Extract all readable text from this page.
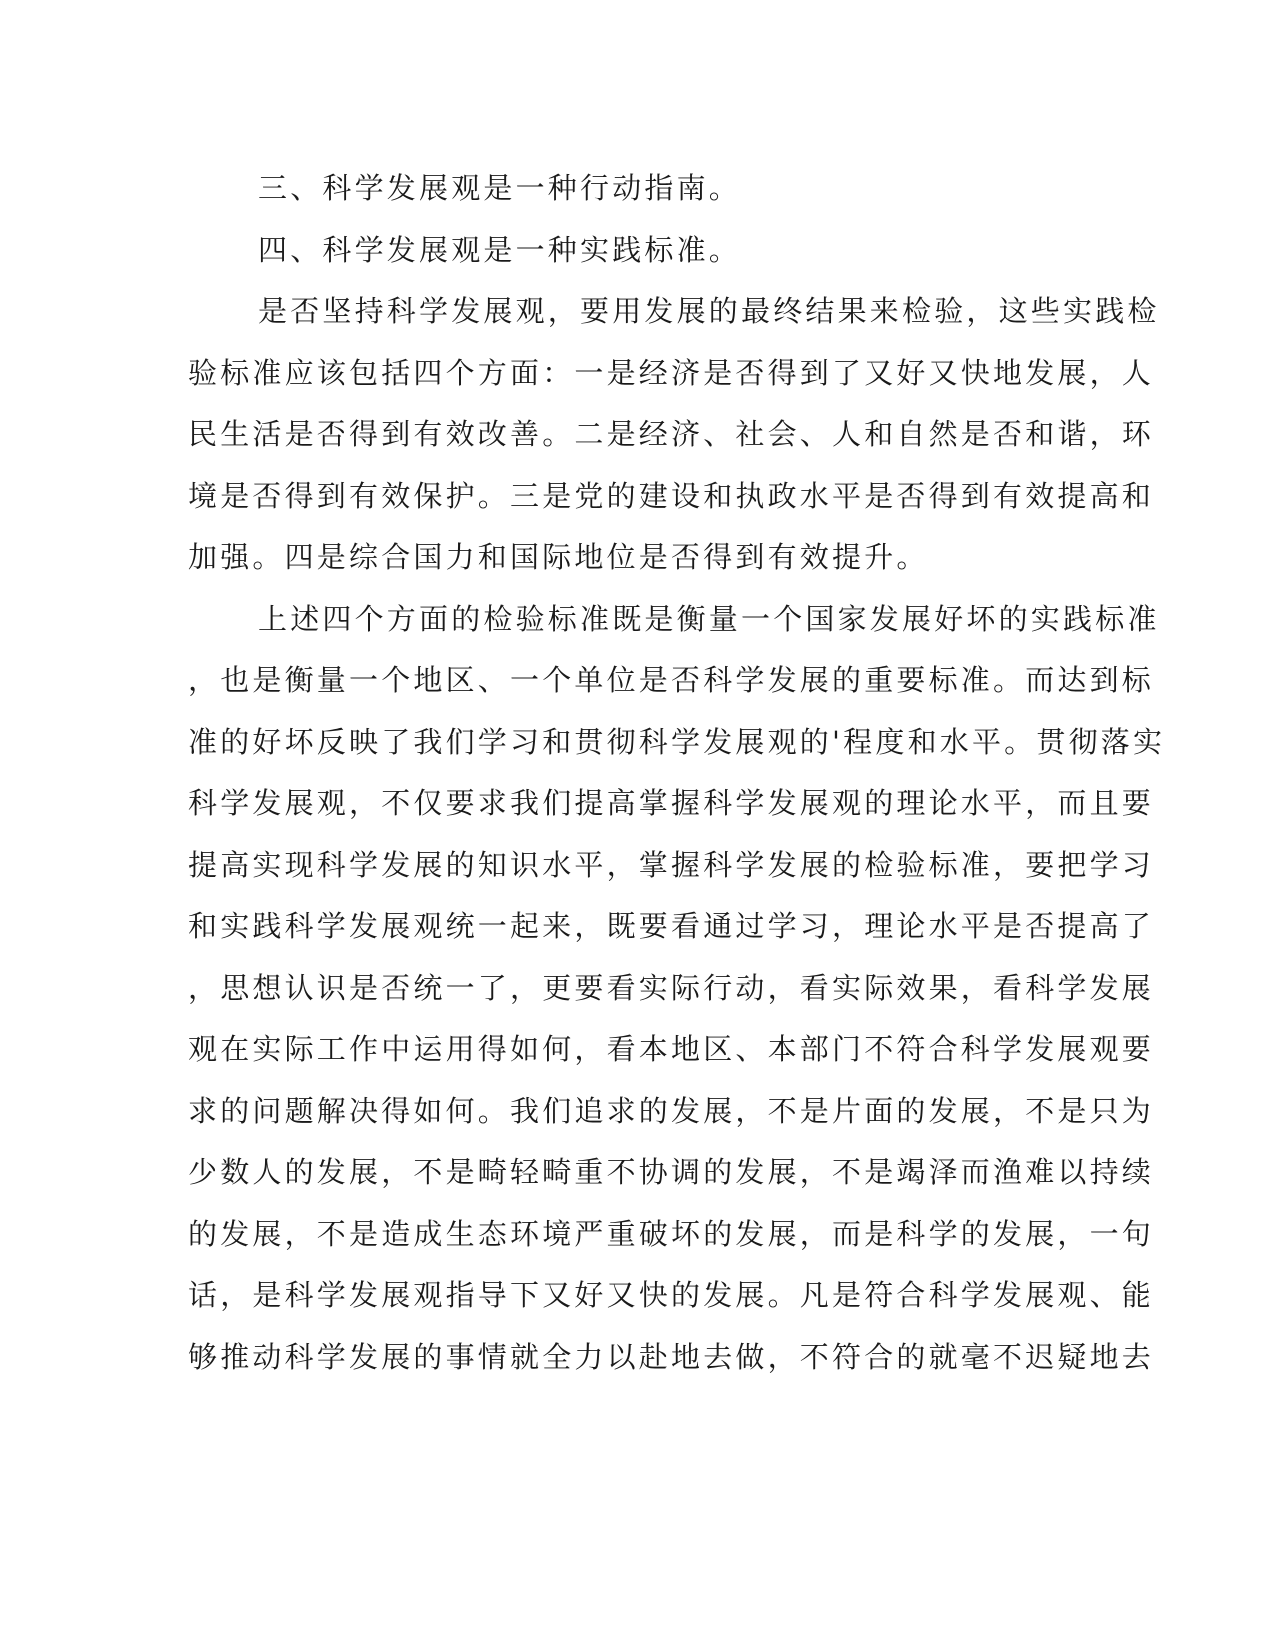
三、科学发展观是一种行动指南。
四、科学发展观是一种实践标准。
是否坚持科学发展观，要用发展的最终结果来检验，这些实践检
验标准应该包括四个方面：一是经济是否得到了又好又快地发展，人
民生活是否得到有效改善。二是经济、社会、人和自然是否和谐，环
境是否得到有效保护。三是党的建设和执政水平是否得到有效提高和
加强。四是综合国力和国际地位是否得到有效提升。
上述四个方面的检验标准既是衡量一个国家发展好坏的实践标准
，也是衡量一个地区、一个单位是否科学发展的重要标准。而达到标
准的好坏反映了我们学习和贯彻科学发展观的'程度和水平。贯彻落实
科学发展观，不仅要求我们提高掌握科学发展观的理论水平，而且要
提高实现科学发展的知识水平，掌握科学发展的检验标准，要把学习
和实践科学发展观统一起来，既要看通过学习，理论水平是否提高了
，思想认识是否统一了，更要看实际行动，看实际效果，看科学发展
观在实际工作中运用得如何，看本地区、本部门不符合科学发展观要
求的问题解决得如何。我们追求的发展，不是片面的发展，不是只为
少数人的发展，不是畸轻畸重不协调的发展，不是竭泽而渔难以持续
的发展，不是造成生态环境严重破坏的发展，而是科学的发展，一句
话，是科学发展观指导下又好又快的发展。凡是符合科学发展观、能
够推动科学发展的事情就全力以赴地去做，不符合的就毫不迟疑地去
